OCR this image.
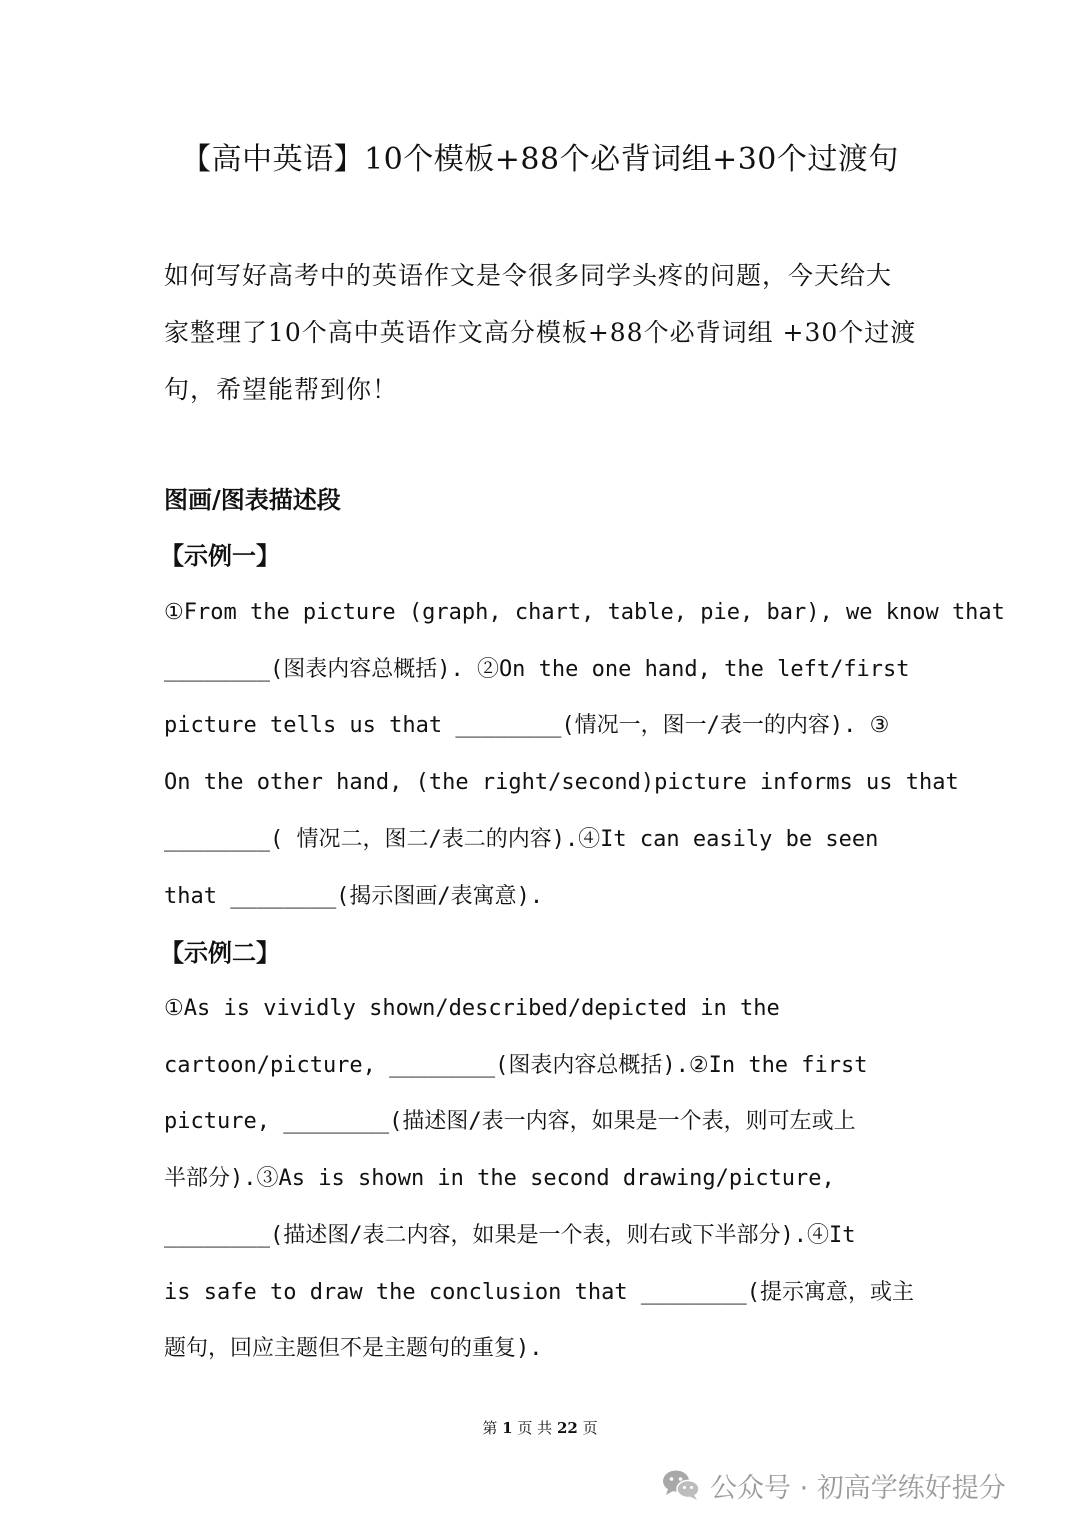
【高中英语】10个模板+88个必背词组+30个过渡句
如何写好高考中的英语作文是令很多同学头疼的问题，今天给大
家整理了10个高中英语作文高分模板+88个必背词组 +30个过渡
句，希望能帮到你！
图画/图表描述段
【示例一】
①From the picture (graph, chart, table, pie, bar), we know that
________(图表内容总概括). ②On the one hand, the left/first
picture tells us that ________(情况一，图一/表一的内容). ③
On the other hand, (the right/second)picture informs us that
________( 情况二，图二/表二的内容).④It can easily be seen
that ________(揭示图画/表寓意).
【示例二】
①As is vividly shown/described/depicted in the
cartoon/picture, ________(图表内容总概括).②In the first
picture, ________(描述图/表一内容，如果是一个表，则可左或上
半部分).③As is shown in the second drawing/picture,
________(描述图/表二内容，如果是一个表，则右或下半部分).④It
is safe to draw the conclusion that ________(提示寓意，或主
题句，回应主题但不是主题句的重复).
第 1 页 共 22 页
公众号 · 初高学练好提分
